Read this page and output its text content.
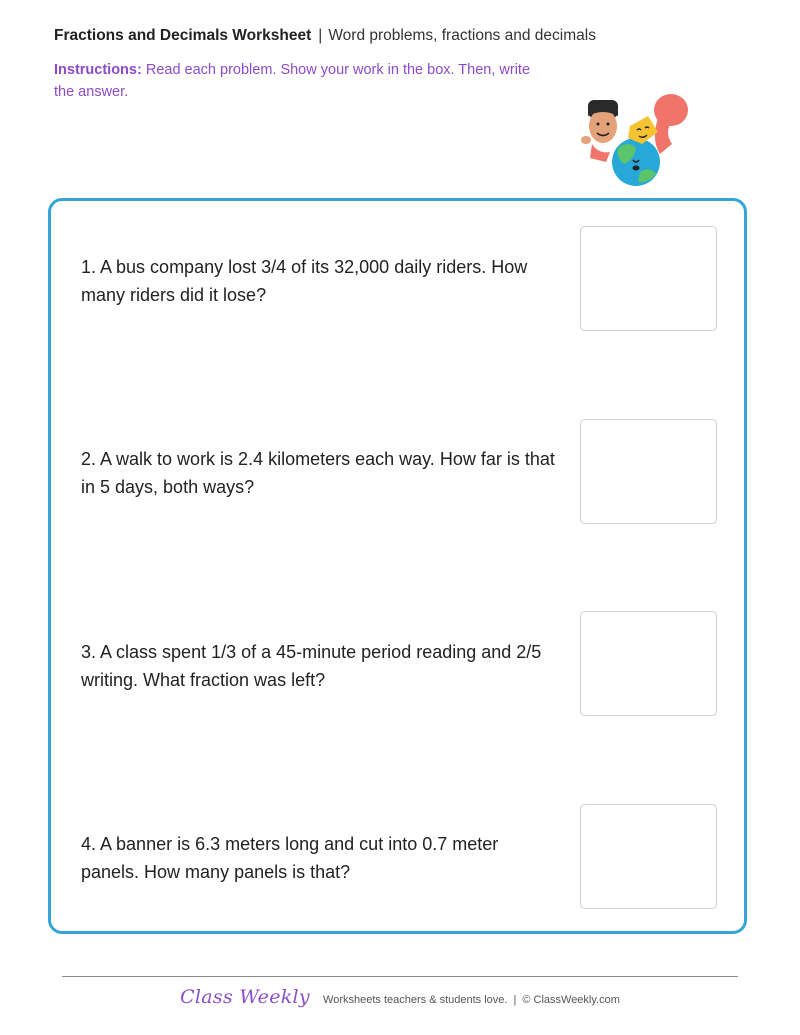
Fractions and Decimals Worksheet | Word problems, fractions and decimals
Instructions: Read each problem. Show your work in the box. Then, write the answer.
1. A bus company lost 3/4 of its 32,000 daily riders. How many riders did it lose?
2. A walk to work is 2.4 kilometers each way. How far is that in 5 days, both ways?
3. A class spent 1/3 of a 45-minute period reading and 2/5 writing. What fraction was left?
4. A banner is 6.3 meters long and cut into 0.7 meter panels. How many panels is that?
Class Weekly Worksheets teachers & students love. | © ClassWeekly.com
